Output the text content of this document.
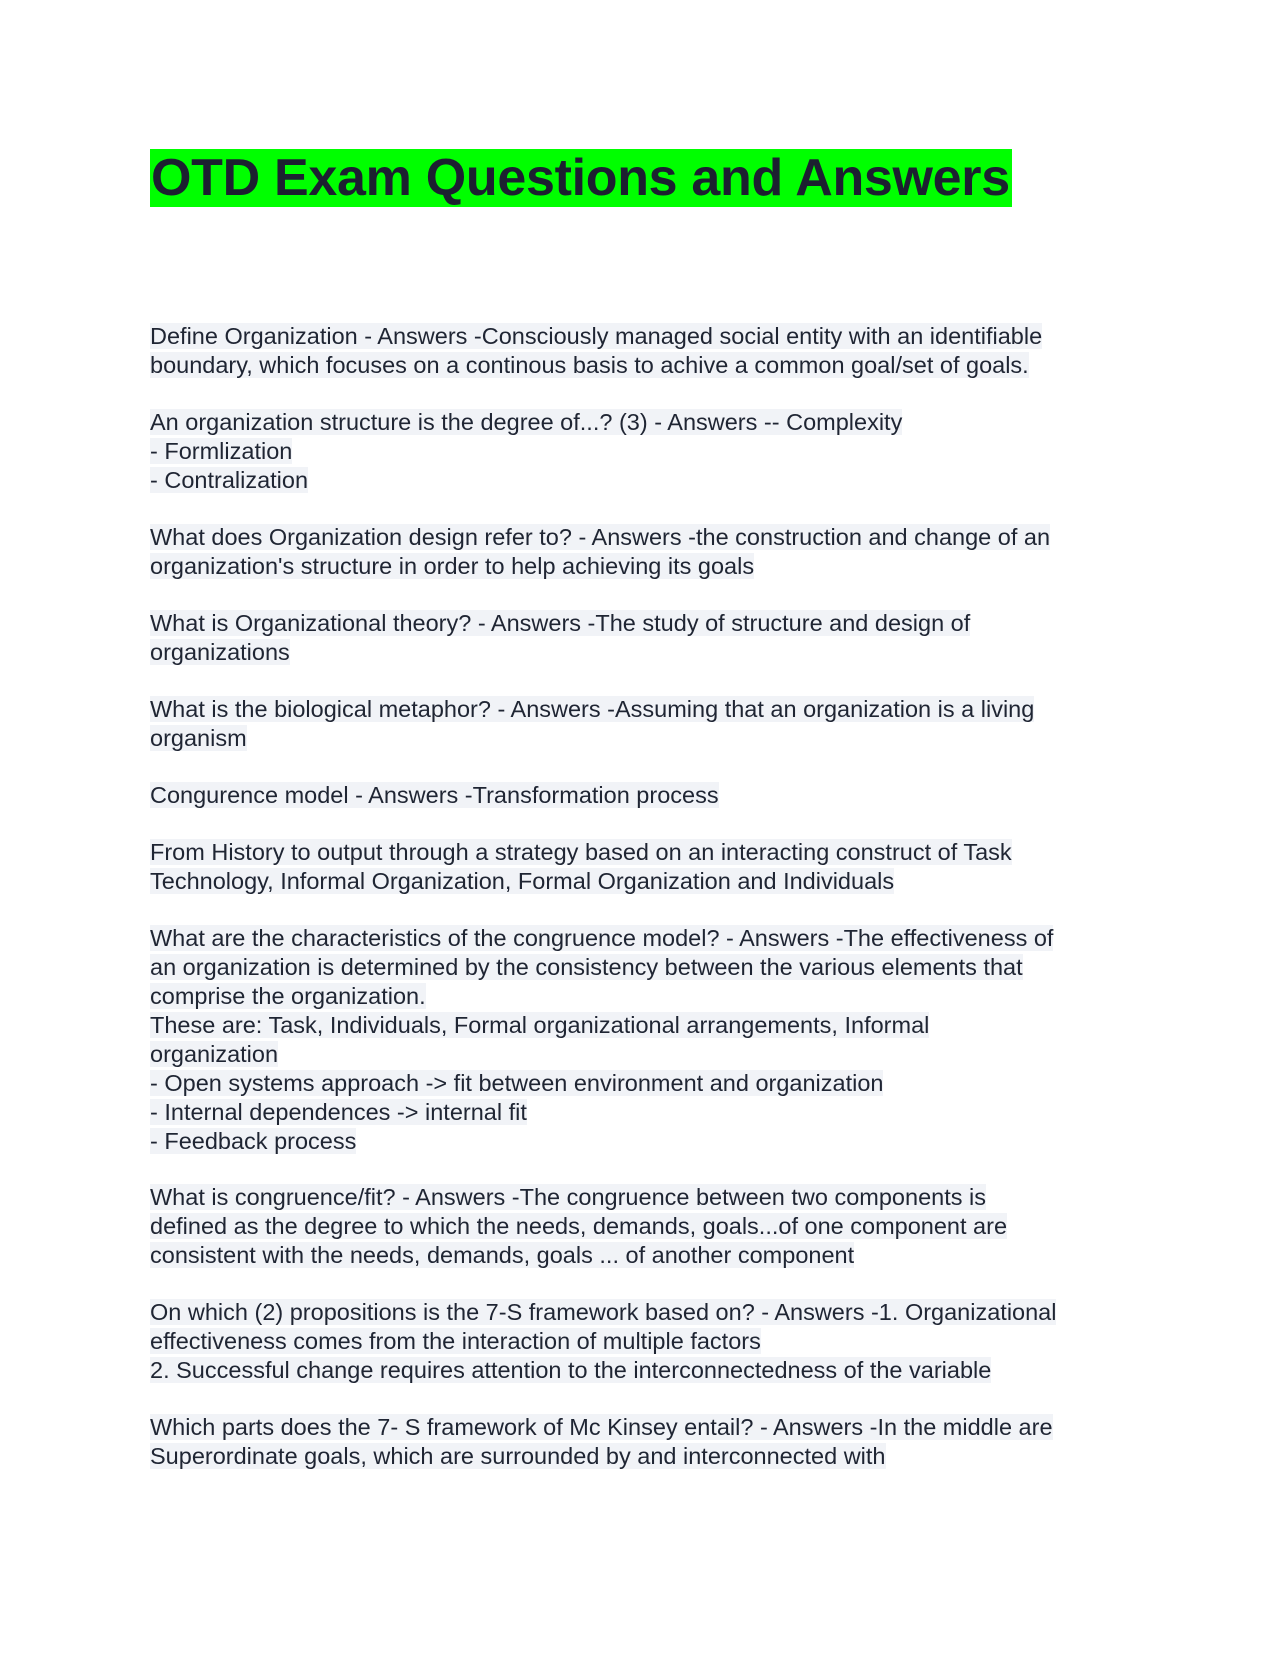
OTD Exam Questions and Answers
Define Organization - Answers -Consciously managed social entity with an identifiable
boundary, which focuses on a continous basis to achive a common goal/set of goals.
An organization structure is the degree of...? (3) - Answers -- Complexity
- Formlization
- Contralization
What does Organization design refer to? - Answers -the construction and change of an
organization's structure in order to help achieving its goals
What is Organizational theory? - Answers -The study of structure and design of
organizations
What is the biological metaphor? - Answers -Assuming that an organization is a living
organism
Congurence model - Answers -Transformation process
From History to output through a strategy based on an interacting construct of Task
Technology, Informal Organization, Formal Organization and Individuals
What are the characteristics of the congruence model? - Answers -The effectiveness of
an organization is determined by the consistency between the various elements that
comprise the organization.
These are: Task, Individuals, Formal organizational arrangements, Informal
organization
- Open systems approach -> fit between environment and organization
- Internal dependences -> internal fit
- Feedback process
What is congruence/fit? - Answers -The congruence between two components is
defined as the degree to which the needs, demands, goals...of one component are
consistent with the needs, demands, goals ... of another component
On which (2) propositions is the 7-S framework based on? - Answers -1. Organizational
effectiveness comes from the interaction of multiple factors
2. Successful change requires attention to the interconnectedness of the variable
Which parts does the 7- S framework of Mc Kinsey entail? - Answers -In the middle are
Superordinate goals, which are surrounded by and interconnected with
